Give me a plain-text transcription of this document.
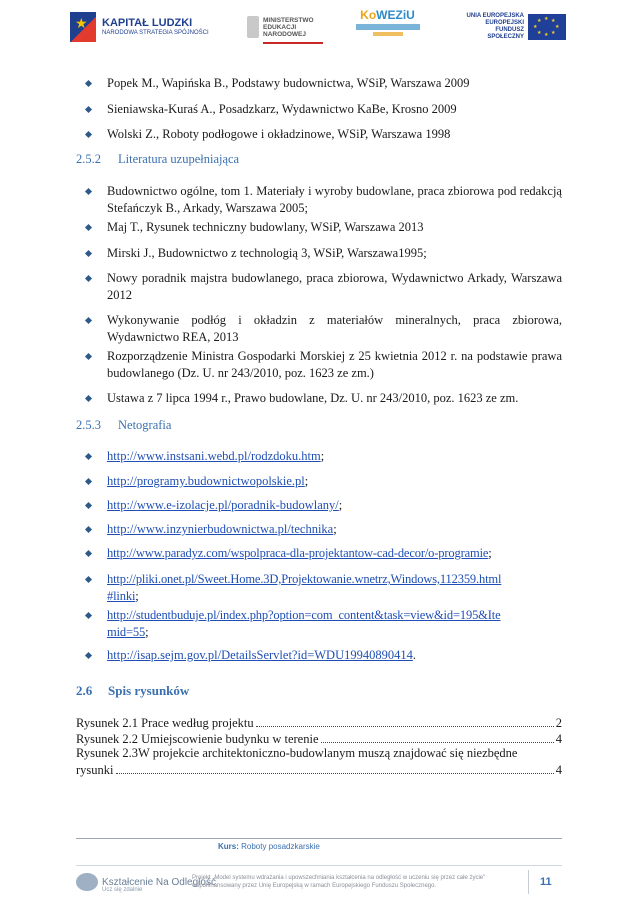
★
KAPITAŁ LUDZKI
NARODOWA STRATEGIA SPÓJNOŚCI
MINISTERSTWO
EDUKACJI
NARODOWEJ
KoWEZiU	UNIA EUROPEJSKA
EUROPEJSKI
FUNDUSZ SPOŁECZNY
★ ★
★
★
★
★
★
★
Popek M., Wapińska B., Podstawy budownictwa, WSiP, Warszawa 2009
Sieniawska-Kuraś A., Posadzkarz, Wydawnictwo KaBe, Krosno 2009
Wolski Z., Roboty podłogowe i okładzinowe, WSiP, Warszawa 1998
2.5.2 Literatura uzupełniająca
Budownictwo ogólne, tom 1. Materiały i wyroby budowlane, praca zbiorowa pod redakcją Stefańczyk B., Arkady, Warszawa 2005;
Maj T., Rysunek techniczny budowlany, WSiP, Warszawa 2013
Mirski J., Budownictwo z technologią 3, WSiP, Warszawa1995;
Nowy poradnik majstra budowlanego, praca zbiorowa, Wydawnictwo Arkady, Warszawa 2012
Wykonywanie podłóg i okładzin z materiałów mineralnych, praca zbiorowa, Wydawnictwo REA, 2013
Rozporządzenie Ministra Gospodarki Morskiej z 25 kwietnia 2012 r. na podstawie prawa budowlanego (Dz. U. nr 243/2010, poz. 1623 ze zm.)
Ustawa z 7 lipca 1994 r., Prawo budowlane, Dz. U. nr 243/2010, poz. 1623 ze zm.
2.5.3 Netografia
http://www.instsani.webd.pl/rodzdoku.htm;
http://programy.budownictwopolskie.pl;
http://www.e-izolacje.pl/poradnik-budowlany/;
http://www.inzynierbudownictwa.pl/technika;
http://www.paradyz.com/wspolpraca-dla-projektantow-cad-decor/o-programie;
http://pliki.onet.pl/Sweet.Home.3D,Projektowanie.wnetrz,Windows,112359.html
#linki;
http://studentbuduje.pl/index.php?option=com_content&task=view&id=195&Ite
mid=55;
http://isap.sejm.gov.pl/DetailsServlet?id=WDU19940890414.
2.6 Spis rysunków
Rysunek 2.1 Prace według projektu	2
Rysunek 2.2 Umiejscowienie budynku w terenie	4
Rysunek 2.3W projekcie architektoniczno-budowlanym muszą znajdować się niezbędne
rysunki	4
Kurs: Roboty posadzkarskie
Kształcenie Na Odległość
Ucz się zdalnie
Projekt „Model systemu wdrażania i upowszechniania kształcenia na odległość w uczeniu się przez całe życie”
współfinansowany przez Unię Europejską w ramach Europejskiego Funduszu Społecznego.	11
